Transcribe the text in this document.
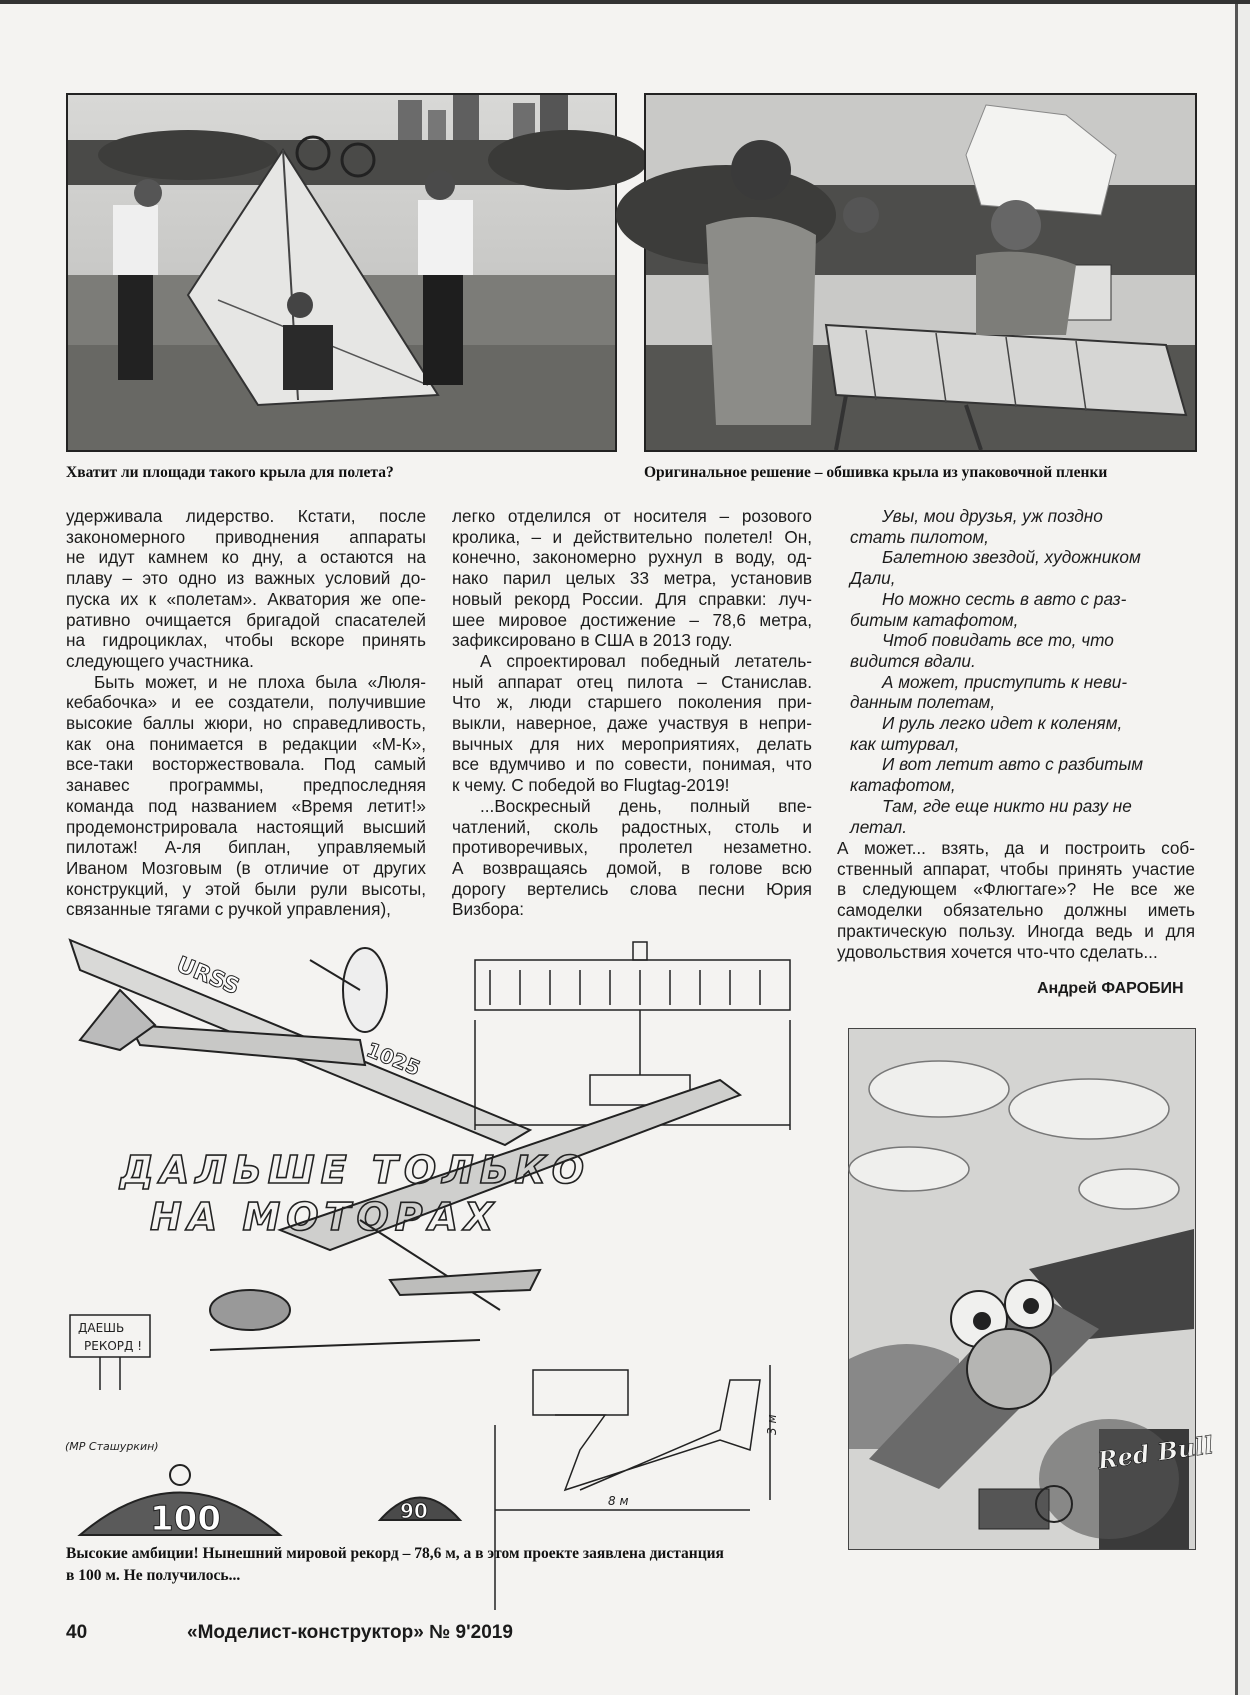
Хватит ли площади такого крыла для полета?	Оригинальное решение – обшивка крыла из упаковочной пленки
удерживала лидерство. Кстати, после
закономерного приводнения аппараты
не идут камнем ко дну, а остаются на
плаву – это одно из важных условий до-
пуска их к «полетам». Акватория же опе-
ративно очищается бригадой спасателей
на гидроциклах, чтобы вскоре принять
следующего участника.
Быть может, и не плоха была «Люля-
кебабочка» и ее создатели, получившие
высокие баллы жюри, но справедливость,
как она понимается в редакции «М-К»,
все-таки восторжествовала. Под самый
занавес программы, предпоследняя
команда под названием «Время летит!»
продемонстрировала настоящий высший
пилотаж! А-ля биплан, управляемый
Иваном Мозговым (в отличие от других
конструкций, у этой были рули высоты,
связанные тягами с ручкой управления),
легко отделился от носителя – розового
кролика, – и действительно полетел! Он,
конечно, закономерно рухнул в воду, од-
нако парил целых 33 метра, установив
новый рекорд России. Для справки: луч-
шее мировое достижение – 78,6 метра,
зафиксировано в США в 2013 году.
А спроектировал победный летатель-
ный аппарат отец пилота – Станислав.
Что ж, люди старшего поколения при-
выкли, наверное, даже участвуя в непри-
вычных для них мероприятиях, делать
все вдумчиво и по совести, понимая, что
к чему. С победой во Flugtag-2019!
...Воскресный день, полный впе-
чатлений, сколь радостных, столь и
противоречивых, пролетел незаметно.
А возвращаясь домой, в голове всю
дорогу вертелись слова песни Юрия
Визбора:
Увы, мои друзья, уж поздно
стать пилотом,
Балетною звездой, художником
Дали,
Но можно сесть в авто с раз-
битым катафотом,
Чтоб повидать все то, что
видится вдали.
А может, приступить к неви-
данным полетам,
И руль легко идет к коленям,
как штурвал,
И вот летит авто с разбитым
катафотом,
Там, где еще никто ни разу не
летал.
А может... взять, да и построить соб-
ственный аппарат, чтобы принять участие
в следующем «Флюгтаге»? Не все же
самоделки обязательно должны иметь
практическую пользу. Иногда ведь и для
удовольствия хочется что-что сделать...
Андрей ФАРОБИН
URSS
1025
8 м
3 м
ДАЕШЬ
РЕКОРД !
(МР Сташуркин)
100	90
ДАЛЬШЕ ТОЛЬКО
НА МОТОРАХ
Red Bull
Высокие амбиции! Нынешний мировой рекорд – 78,6 м, а в этом проекте заявлена дистанция
в 100 м. Не получилось...
40	«Моделист-конструктор» № 9'2019
